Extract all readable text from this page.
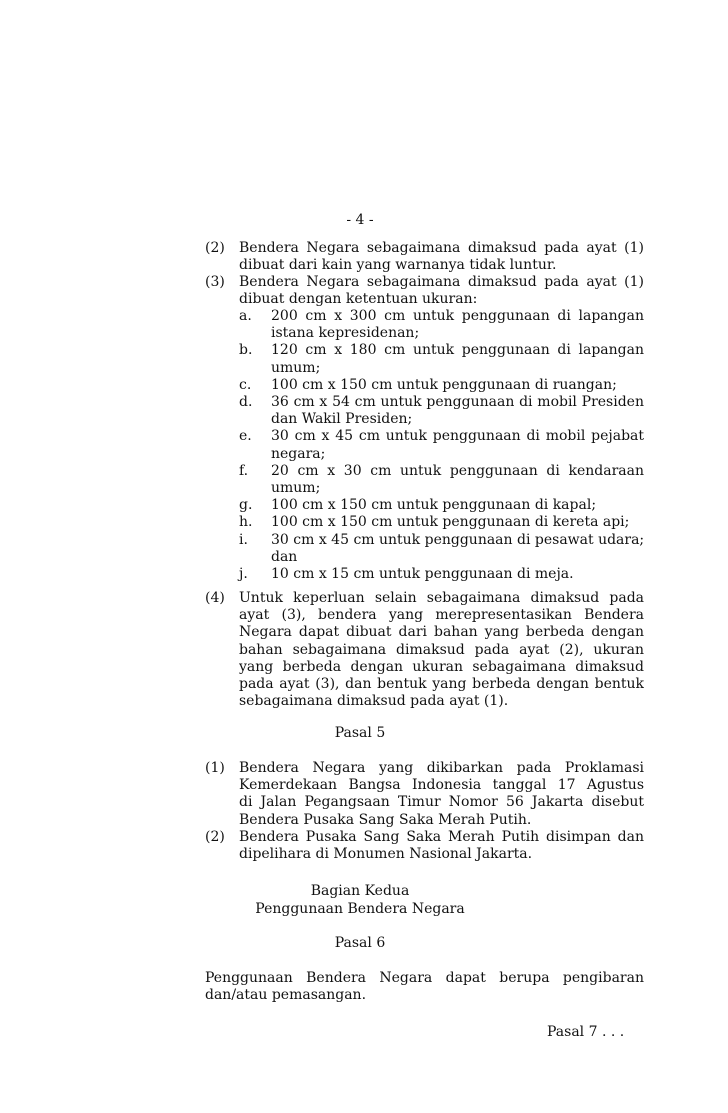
- 4 -
(2) Bendera Negara sebagaimana dimaksud pada ayat (1)
dibuat dari kain yang warnanya tidak luntur.
(3) Bendera Negara sebagaimana dimaksud pada ayat (1)
dibuat dengan ketentuan ukuran:
a. 200 cm x 300 cm untuk penggunaan di lapangan
istana kepresidenan;
b. 120 cm x 180 cm untuk penggunaan di lapangan
umum;
c. 100 cm x 150 cm untuk penggunaan di ruangan;
d. 36 cm x 54 cm untuk penggunaan di mobil Presiden
dan Wakil Presiden;
e. 30 cm x 45 cm untuk penggunaan di mobil pejabat
negara;
f. 20 cm x 30 cm untuk penggunaan di kendaraan
umum;
g. 100 cm x 150 cm untuk penggunaan di kapal;
h. 100 cm x 150 cm untuk penggunaan di kereta api;
i. 30 cm x 45 cm untuk penggunaan di pesawat udara;
dan
j. 10 cm x 15 cm untuk penggunaan di meja.
(4) Untuk keperluan selain sebagaimana dimaksud pada
ayat (3), bendera yang merepresentasikan Bendera
Negara dapat dibuat dari bahan yang berbeda dengan
bahan sebagaimana dimaksud pada ayat (2), ukuran
yang berbeda dengan ukuran sebagaimana dimaksud
pada ayat (3), dan bentuk yang berbeda dengan bentuk
sebagaimana dimaksud pada ayat (1).
Pasal 5
(1) Bendera Negara yang dikibarkan pada Proklamasi
Kemerdekaan Bangsa Indonesia tanggal 17 Agustus
di Jalan Pegangsaan Timur Nomor 56 Jakarta disebut
Bendera Pusaka Sang Saka Merah Putih.
(2) Bendera Pusaka Sang Saka Merah Putih disimpan dan
dipelihara di Monumen Nasional Jakarta.
Bagian Kedua
Penggunaan Bendera Negara
Pasal 6
Penggunaan Bendera Negara dapat berupa pengibaran
dan/atau pemasangan.
Pasal 7 . . .
